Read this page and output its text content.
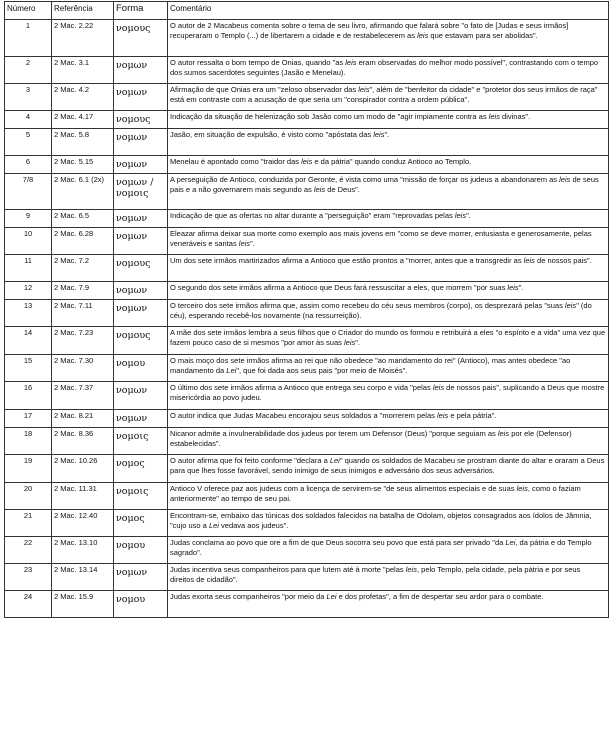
Número	Referência	Forma	Comentário
1	2 Mac. 2.22	νομους	O autor de 2 Macabeus comenta sobre o tema de seu livro, afirmando que falará sobre "o fato de [Judas e seus irmãos] recuperaram o Templo (...) de libertarem a cidade e de restabelecerem as leis que estavam para ser abolidas".
2	2 Mac. 3.1	νομων	O autor ressalta o bom tempo de Onias, quando "as leis eram observadas do melhor modo possível", contrastando com o tempo dos sumos sacerdotes seguintes (Jasão e Menelau).
3	2 Mac. 4.2	νομων	Afirmação de que Onias era um "zeloso observador das leis", além de "benfeitor da cidade" e "protetor dos seus irmãos de raça" está em contraste com a acusação de que seria um "conspirador contra a ordem pública".
4	2 Mac. 4.17	νομους	Indicação da situação de helenização sob Jasão como um modo de "agir impiamente contra as leis divinas".
5	2 Mac. 5.8	νομων	Jasão, em situação de expulsão, é visto como "apóstata das leis".
6	2 Mac. 5.15	νομων	Menelau é apontado como "traidor das leis e da pátria" quando conduz Antioco ao Templo.
7/8	2 Mac. 6.1 (2x)	νομων / νομοις	A perseguição de Antioco, conduzida por Geronte, é vista como uma "missão de forçar os judeus a abandonarem as leis de seus pais e a não governarem mais segundo as leis de Deus".
9	2 Mac. 6.5	νομων	Indicação de que as ofertas no altar durante a "perseguição" eram "reprovadas pelas leis".
10	2 Mac. 6.28	νομων	Eleazar afirma deixar sua morte como exemplo aos mais jovens em "como se deve morrer, entusiasta e generosamente, pelas veneráveis e santas leis".
11	2 Mac. 7.2	νομους	Um dos sete irmãos martirizados afirma a Antioco que estão prontos a "morrer, antes que a transgredir as leis de nossos pais".
12	2 Mac. 7.9	νομων	O segundo dos sete irmãos afirma a Antioco que Deus fará ressuscitar a eles, que morrem "por suas leis".
13	2 Mac. 7.11	νομων	O terceiro dos sete irmãos afirma que, assim como recebeu do céu seus membros (corpo), os desprezará pelas "suas leis" (do céu), esperando recebê-los novamente (na ressurreição).
14	2 Mac. 7.23	νομους	A mãe dos sete irmãos lembra a seus filhos que o Criador do mundo os formou e retribuirá a eles "o espírito e a vida" uma vez que fazem pouco caso de si mesmos "por amor às suas leis".
15	2 Mac. 7.30	νομου	O mais moço dos sete irmãos afirma ao rei que não obedece "ao mandamento do rei" (Antioco), mas antes obedece "ao mandamento da Lei", que foi dada aos seus pais "por meio de Moisés".
16	2 Mac. 7.37	νομων	O último dos sete irmãos afirma a Antioco que entrega seu corpo e vida "pelas leis de nossos pais", suplicando a Deus que mostre misericórdia ao povo judeu.
17	2 Mac. 8.21	νομων	O autor indica que Judas Macabeu encorajou seus soldados a "morrerem pelas leis e pela pátria".
18	2 Mac. 8.36	νομοις	Nicanor admite a invulnerabilidade dos judeus por terem um Defensor (Deus) "porque seguiam as leis por ele (Defensor) estabelecidas".
19	2 Mac. 10.26	νομος	O autor afirma que foi feito conforme "declara a Lei" quando os soldados de Macabeu se prostram diante do altar e oraram a Deus para que lhes fosse favorável, sendo inimigo de seus inimigos e adversário dos seus adversários.
20	2 Mac. 11.31	νομοις	Antioco V oferece paz aos judeus com a licença de servirem-se "de seus alimentos especiais e de suas leis, como o faziam anteriormente" ao tempo de seu pai.
21	2 Mac. 12.40	νομος	Encontram-se, embaixo das túnicas dos soldados falecidos na batalha de Odolam, objetos consagrados aos ídolos de Jâmnia, "cujo uso a Lei vedava aos judeus".
22	2 Mac. 13.10	νομου	Judas conclama ao povo que ore a fim de que Deus socorra seu povo que está para ser privado "da Lei, da pátria e do Templo sagrado".
23	2 Mac. 13.14	νομων	Judas incentiva seus companheiros para que lutem até à morte "pelas leis, pelo Templo, pela cidade, pela pátria e por seus direitos de cidadão".
24	2 Mac. 15.9	νομου	Judas exorta seus companheiros "por meio da Lei e dos profetas", a fim de despertar seu ardor para o combate.
